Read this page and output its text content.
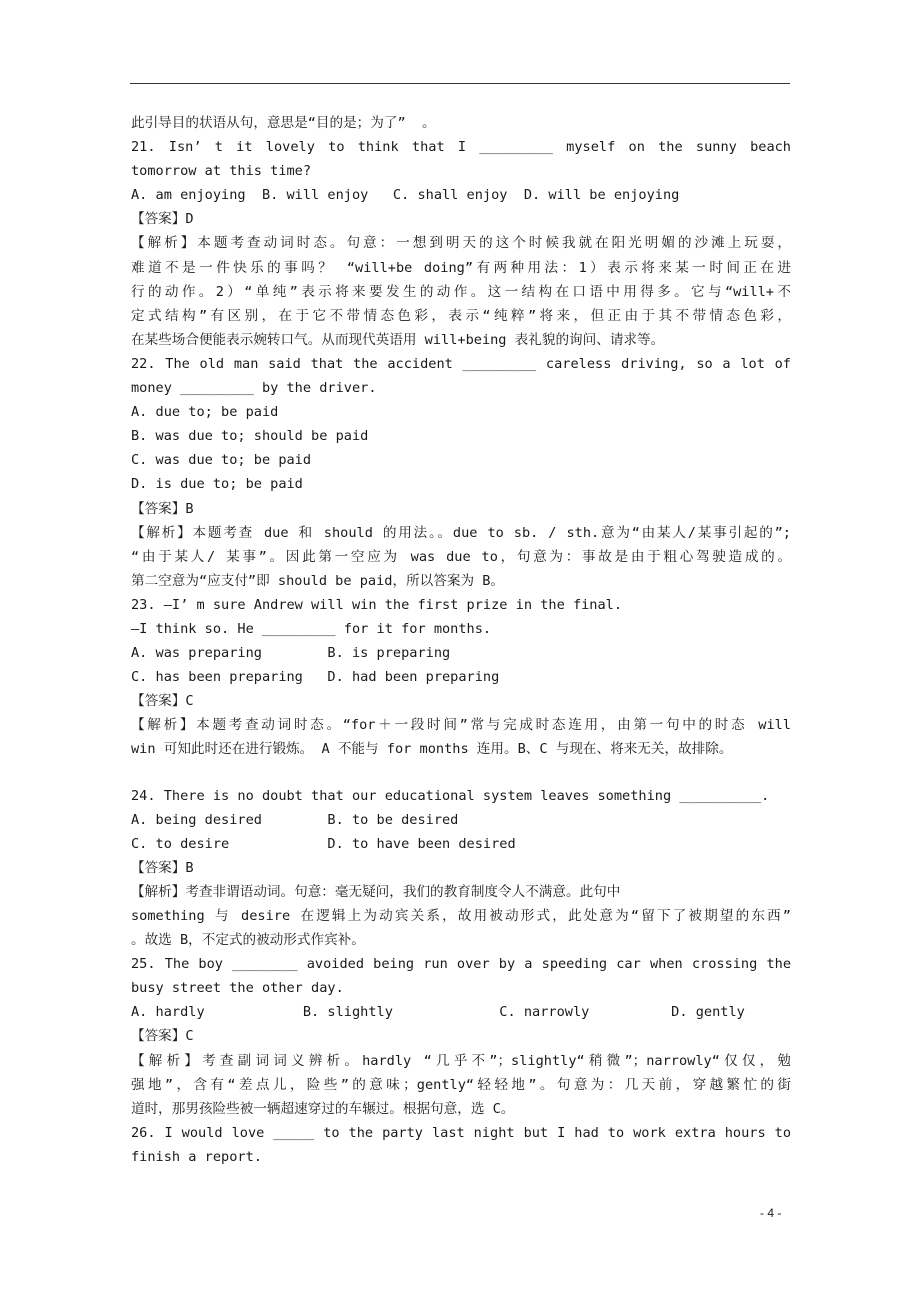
此引导目的状语从句，意思是“目的是；为了”  。
21. Isn’ t it lovely to think that I _________ myself on the sunny beach
tomorrow at this time?
A. am enjoying  B. will enjoy   C. shall enjoy  D. will be enjoying
【答案】D
【解析】本题考查动词时态。句意：一想到明天的这个时候我就在阳光明媚的沙滩上玩耍，
难道不是一件快乐的事吗？ “will+be doing”有两种用法：1）表示将来某一时间正在进
行的动作。2）“单纯”表示将来要发生的动作。这一结构在口语中用得多。它与“will+不
定式结构”有区别，在于它不带情态色彩，表示“纯粹”将来，但正由于其不带情态色彩，
在某些场合便能表示婉转口气。从而现代英语用 will+being 表礼貌的询问、请求等。
22. The old man said that the accident _________ careless driving, so a lot of
money _________ by the driver.
A. due to; be paid
B. was due to; should be paid
C. was due to; be paid
D. is due to; be paid
【答案】B
【解析】本题考查 due 和 should 的用法。。due to sb. / sth.意为“由某人/某事引起的”;
“由于某人/ 某事”。因此第一空应为 was due to，句意为：事故是由于粗心驾驶造成的。
第二空意为“应支付”即 should be paid，所以答案为 B。
23. —I’ m sure Andrew will win the first prize in the final.
—I think so. He _________ for it for months.
A. was preparing        B. is preparing
C. has been preparing   D. had been preparing
【答案】C
【解析】本题考查动词时态。“for＋一段时间”常与完成时态连用，由第一句中的时态 will
win 可知此时还在进行锻炼。 A 不能与 for months 连用。B、C 与现在、将来无关，故排除。
24. There is no doubt that our educational system leaves something __________.
A. being desired        B. to be desired
C. to desire            D. to have been desired
【答案】B
【解析】考查非谓语动词。句意：毫无疑问，我们的教育制度令人不满意。此句中
something 与 desire 在逻辑上为动宾关系，故用被动形式，此处意为“留下了被期望的东西”
。故选 B，不定式的被动形式作宾补。
25. The boy ________ avoided being run over by a speeding car when crossing the
busy street the other day.
A. hardly            B. slightly             C. narrowly          D. gently
【答案】C
【解析】考查副词词义辨析。hardly “几乎不”；slightly“稍微”；narrowly“仅仅，勉
强地”，含有“差点儿，险些”的意味；gently“轻轻地”。句意为：几天前，穿越繁忙的街
道时，那男孩险些被一辆超速穿过的车辗过。根据句意，选 C。
26. I would love _____ to the party last night but I had to work extra hours to
finish a report.
- 4 -
